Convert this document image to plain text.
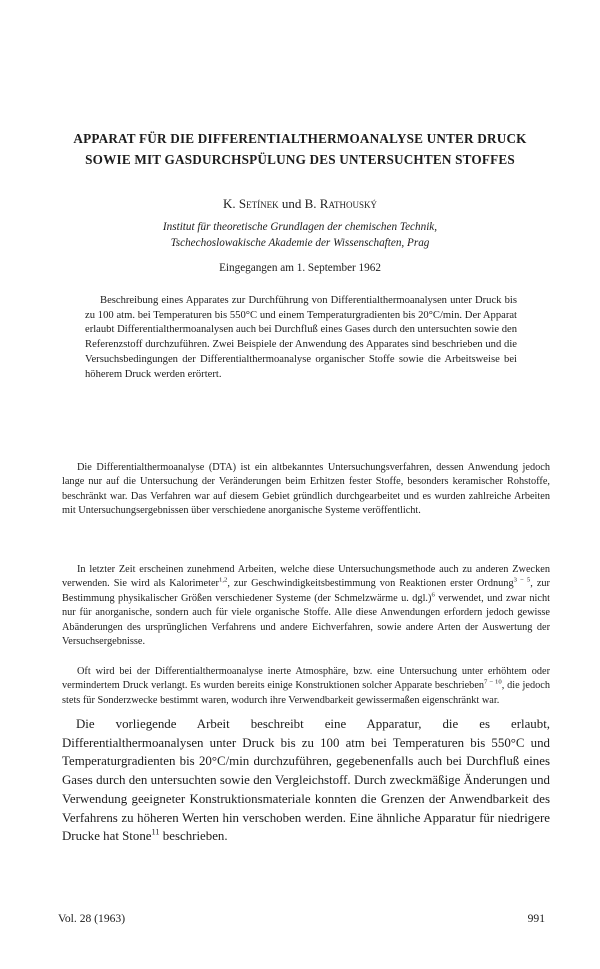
APPARAT FÜR DIE DIFFERENTIALTHERMOANALYSE UNTER DRUCK
SOWIE MIT GASDURCHSPÜLUNG DES UNTERSUCHTEN STOFFES
K. Setínek und B. Rathouský
Institut für theoretische Grundlagen der chemischen Technik,
Tschechoslowakische Akademie der Wissenschaften, Prag
Eingegangen am 1. September 1962

Beschreibung eines Apparates zur Durchführung von Differentialthermoanalysen unter Druck bis zu 100 atm. bei Temperaturen bis 550°C und einem Temperaturgradienten bis 20°C/min. Der Apparat erlaubt Differentialthermoanalysen auch bei Durchfluß eines Gases durch den untersuchten sowie den Referenzstoff durchzuführen. Zwei Beispiele der Anwendung des Apparates sind beschrieben und die Versuchsbedingungen der Differentialthermoanalyse organischer Stoffe sowie die Arbeitsweise bei höherem Druck werden erörtert.

Die Differentialthermoanalyse (DTA) ist ein altbekanntes Untersuchungsverfahren, dessen Anwendung jedoch lange nur auf die Untersuchung der Veränderungen beim Erhitzen fester Stoffe, besonders keramischer Rohstoffe, beschränkt war. Das Verfahren war auf diesem Gebiet gründlich durchgearbeitet und es wurden zahlreiche Arbeiten mit Untersuchungsergebnissen über verschiedene anorganische Systeme veröffentlicht.

In letzter Zeit erscheinen zunehmend Arbeiten, welche diese Untersuchungsmethode auch zu anderen Zwecken verwenden. Sie wird als Kalorimeter$^{1,2}$, zur Geschwindigkeitsbestimmung von Reaktionen erster Ordnung$^{3 - 5}$, zur Bestimmung physikalischer Größen verschiedener Systeme (der Schmelzwärme u. dgl.)$^6$ verwendet, und zwar nicht nur für anorganische, sondern auch für viele organische Stoffe. Alle diese Anwendungen erfordern jedoch gewisse Abänderungen des ursprünglichen Verfahrens und andere Eichverfahren, sowie andere Arten der Auswertung der Versuchsergebnisse.

Oft wird bei der Differentialthermoanalyse inerte Atmosphäre, bzw. eine Untersuchung unter erhöhtem oder vermindertem Druck verlangt. Es wurden bereits einige Konstruktionen solcher Apparate beschrieben$^{7 - 10}$, die jedoch stets für Sonderzwecke bestimmt waren, wodurch ihre Verwendbarkeit gewissermaßen eigenschränkt war.

Die vorliegende Arbeit beschreibt eine Apparatur, die es erlaubt, Differentialthermoanalysen unter Druck bis zu 100 atm bei Temperaturen bis 550°C und Temperaturgradienten bis 20°C/min durchzuführen, gegebenenfalls auch bei Durchfluß eines Gases durch den untersuchten sowie den Vergleichstoff. Durch zweckmäßige Änderungen und Verwendung geeigneter Konstruktionsmateriale konnten die Grenzen der Anwendbarkeit des Verfahrens zu höheren Werten hin verschoben werden. Eine ähnliche Apparatur für niedrigere Drucke hat Stone$^{11}$ beschrieben.

Vol. 28 (1963)	991
